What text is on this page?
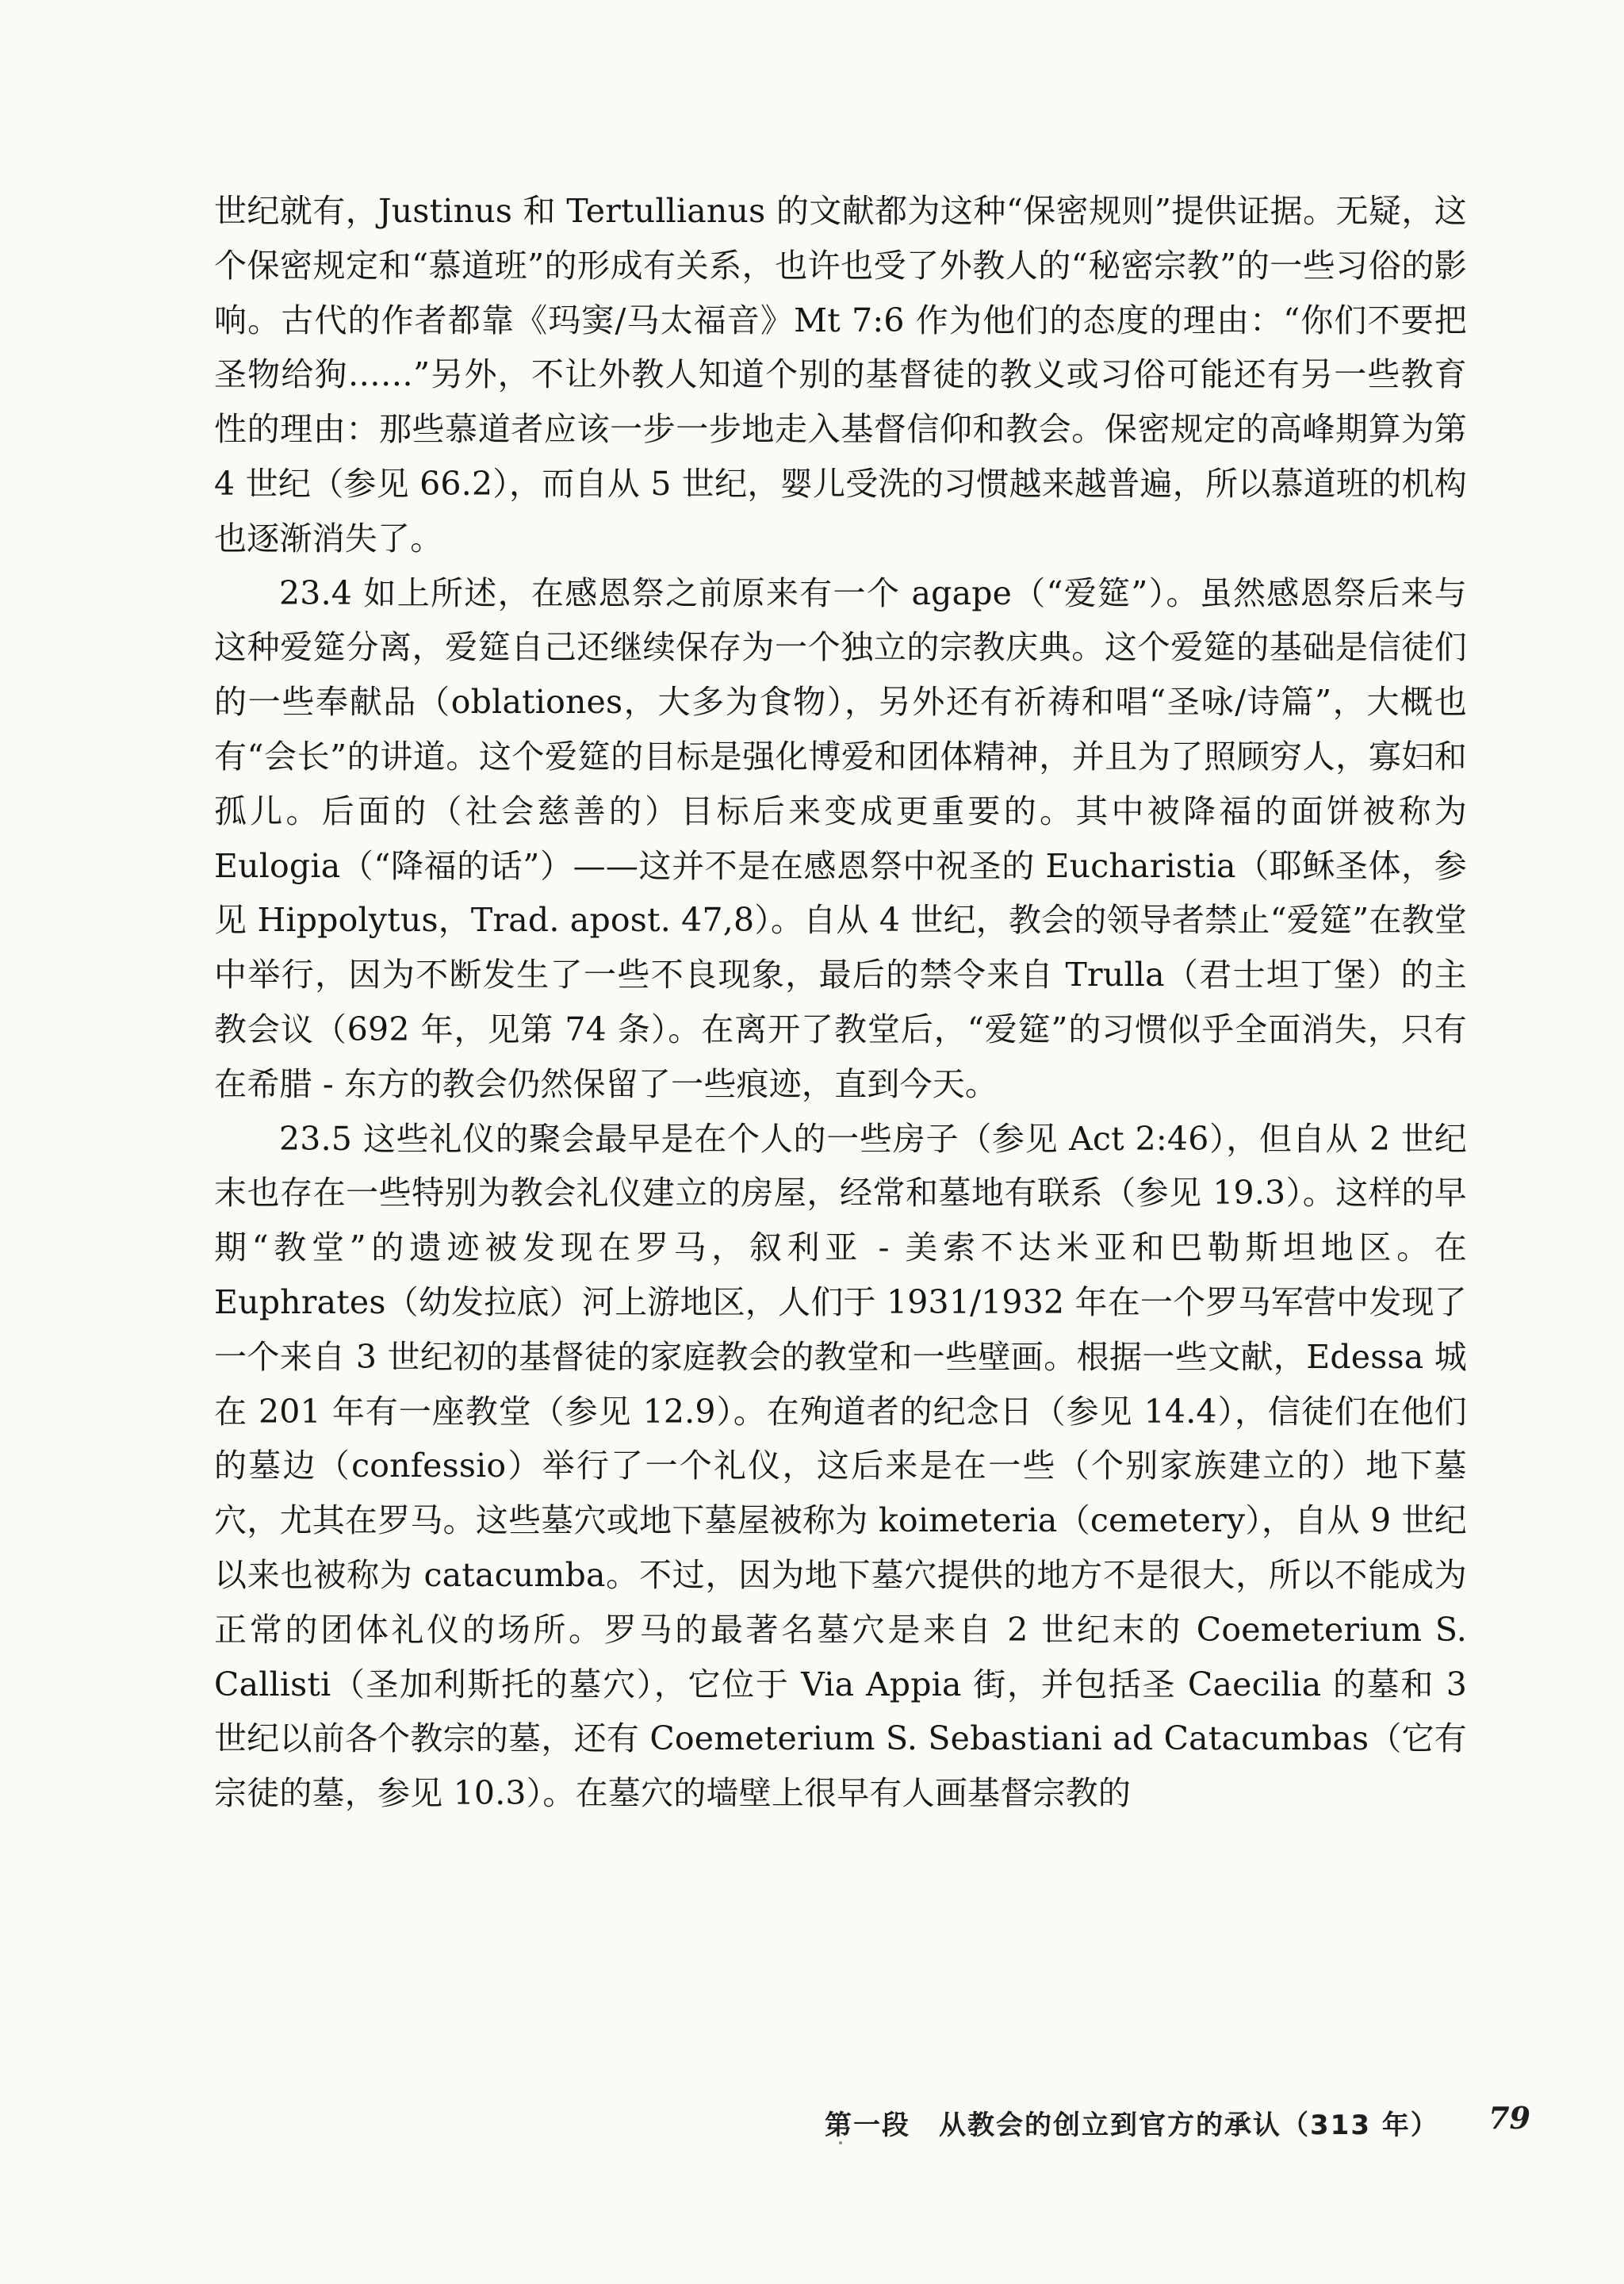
世纪就有，Justinus 和 Tertullianus 的文献都为这种“保密规则”提供证据。无疑，这个保密规定和“慕道班”的形成有关系，也许也受了外教人的“秘密宗教”的一些习俗的影响。古代的作者都靠《玛窦/马太福音》Mt 7:6 作为他们的态度的理由：“你们不要把圣物给狗……”另外，不让外教人知道个别的基督徒的教义或习俗可能还有另一些教育性的理由：那些慕道者应该一步一步地走入基督信仰和教会。保密规定的高峰期算为第 4 世纪（参见 66.2），而自从 5 世纪，婴儿受洗的习惯越来越普遍，所以慕道班的机构也逐渐消失了。

23.4 如上所述，在感恩祭之前原来有一个 agape（“爱筵”）。虽然感恩祭后来与这种爱筵分离，爱筵自己还继续保存为一个独立的宗教庆典。这个爱筵的基础是信徒们的一些奉献品（oblationes，大多为食物），另外还有祈祷和唱“圣咏/诗篇”，大概也有“会长”的讲道。这个爱筵的目标是强化博爱和团体精神，并且为了照顾穷人，寡妇和孤儿。后面的（社会慈善的）目标后来变成更重要的。其中被降福的面饼被称为 Eulogia（“降福的话”）——这并不是在感恩祭中祝圣的 Eucharistia（耶稣圣体，参见 Hippolytus，Trad. apost. 47,8）。自从 4 世纪，教会的领导者禁止“爱筵”在教堂中举行，因为不断发生了一些不良现象，最后的禁令来自 Trulla（君士坦丁堡）的主教会议（692 年，见第 74 条）。在离开了教堂后，“爱筵”的习惯似乎全面消失，只有在希腊 - 东方的教会仍然保留了一些痕迹，直到今天。

23.5 这些礼仪的聚会最早是在个人的一些房子（参见 Act 2:46），但自从 2 世纪末也存在一些特别为教会礼仪建立的房屋，经常和墓地有联系（参见 19.3）。这样的早期“教堂”的遗迹被发现在罗马，叙利亚 - 美索不达米亚和巴勒斯坦地区。在 Euphrates（幼发拉底）河上游地区，人们于 1931/1932 年在一个罗马军营中发现了一个来自 3 世纪初的基督徒的家庭教会的教堂和一些壁画。根据一些文献，Edessa 城在 201 年有一座教堂（参见 12.9）。在殉道者的纪念日（参见 14.4），信徒们在他们的墓边（confessio）举行了一个礼仪，这后来是在一些（个别家族建立的）地下墓穴，尤其在罗马。这些墓穴或地下墓屋被称为 koimeteria（cemetery），自从 9 世纪以来也被称为 catacumba。不过，因为地下墓穴提供的地方不是很大，所以不能成为正常的团体礼仪的场所。罗马的最著名墓穴是来自 2 世纪末的 Coemeterium S. Callisti（圣加利斯托的墓穴），它位于 Via Appia 街，并包括圣 Caecilia 的墓和 3 世纪以前各个教宗的墓，还有 Coemeterium S. Sebastiani ad Catacumbas（它有宗徒的墓，参见 10.3）。在墓穴的墙壁上很早有人画基督宗教的

第一段　从教会的创立到官方的承认（313 年） 79
